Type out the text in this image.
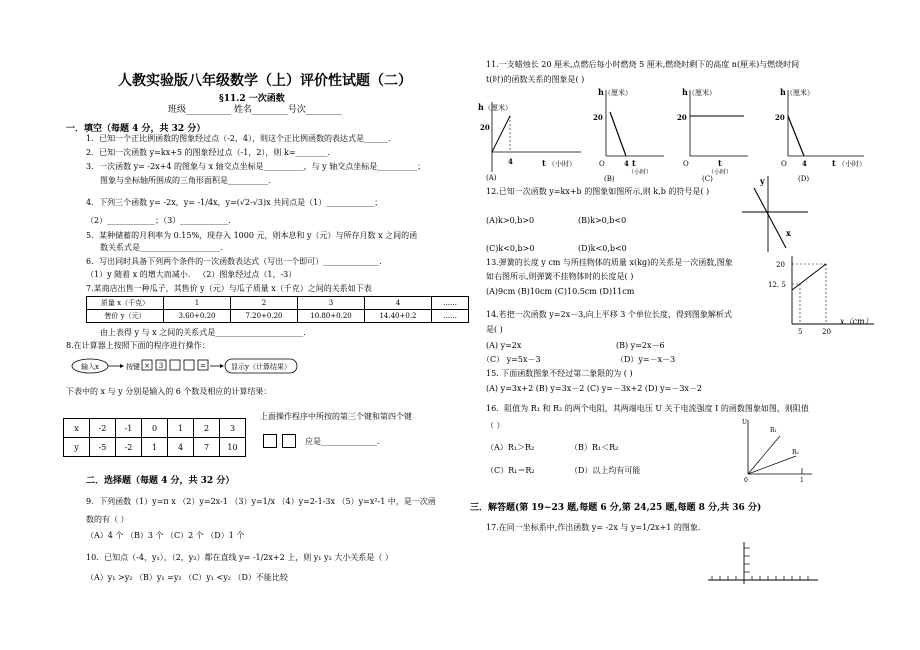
人教实验版八年级数学（上）评价性试题（二）
§11.2 一次函数
班级__________ 姓名________号次________
一．填空（每题 4 分，共 32 分）
1．已知一个正比例函数的图象经过点（-2，4），则这个正比例函数的表达式是______．
2．已知一次函数 y=kx+5 的图象经过点（-1，2），则 k=________．
3．一次函数 y= -2x+4 的图象与 x 轴交点坐标是__________，与 y 轴交点坐标是__________；
图象与坐标轴所围成的三角形面积是__________．
4．下列三个函数 y= -2x，y= -1/4x，y=(√2-√3)x 共同点是（1）____________；
（2）____________；（3）____________．
5．某种储蓄的月利率为 0.15%，现存入 1000 元，则本息和 y（元）与所存月数 x 之间的函
数关系式是____________________．
6．写出同时具备下列两个条件的一次函数表达式（写出一个即可）______________．
（1）y 随着 x 的增大而减小． （2）图象经过点（1，-3）
7.某商店出售一种瓜子，其售价 y（元）与瓜子质量 x（千克）之间的关系如下表
质量 x（千克）	1	2	3	4	……
售价 y（元）	3.60+0.20	7.20+0.20	10.80+0.20	14.40+0.2	……
由上表得 y 与 x 之间的关系式是______________________．
8.在计算器上按照下面的程序进行操作：
输入x	按键 × 3	=	显示y（计算结果）
下表中的 x 与 y 分别是输入的 6 个数及相应的计算结果：
x	-2	-1	0	1	2	3
y	-5	-2	1	4	7	10
上面操作程序中所按的第三个键和第四个键
应是______________.
二．选择题（每题 4 分，共 32 分）
9．下列函数（1）y=π x （2）y=2x-1 （3）y=1/x （4）y=2-1-3x （5）y=x²-1 中，是一次函
数的有（ ）
（A）4 个 （B）3 个 （C）2 个 （D）1 个
10．已知点（-4，y₁），（2，y₂）都在直线 y= -1/2x+2 上，则 y₁ y₂ 大小关系是（ ）
（A）y₁ >y₂ （B）y₁ =y₂ （C）y₁ <y₂ （D）不能比较
11.一支蜡烛长 20 厘米,点燃后每小时燃烧 5 厘米,燃烧时剩下的高度 n(厘米)与燃烧时间
t(时)的函数关系的图象是( )
h （厘米）
20
4	t （小时）
(A)
h （厘米）
20
O	4 t
（小时）
(B)
h （厘米）
20
O	t
（小时）
(C)
h （厘米）
20
O 4	t （小时）
(D)
12.已知一次函数 y=kx+b 的图象如图所示,则 k,b 的符号是( )
(A)k>0,b>0	(B)k>0,b<0
(C)k<0,b>0	(D)k<0,b<0
y
x
13.弹簧的长度 y cm 与所挂物体的质量 x(kg)的关系是一次函数,图象
如右图所示,则弹簧不挂物体时的长度是( )
(A)9cm (B)10cm (C)10.5cm (D)11cm
20
12. 5
5	20
x（cm）
14.若把一次函数 y=2x－3,向上平移 3 个单位长度，得到图象解析式
是( )
(A) y=2x	(B) y=2x－6
（C） y=5x－3	（D）y=－x－3
15. 下面函数图象不经过第二象限的为 ( )
(A) y=3x+2 (B) y=3x－2 (C) y=－3x+2 (D) y=－3x－2
16．阻值为 R₁ 和 R₂ 的两个电阻，其两端电压 U 关于电流强度 I 的函数图象如图，则阻值
（ ）
（A）R₁＞R₂	（B）R₁＜R₂
（C）R₁＝R₂	（D）以上均有可能
U
R₁
R₂
0	1
三．解答题(第 19~23 题,每题 6 分,第 24,25 题,每题 8 分,共 36 分)
17.在同一坐标系中,作出函数 y= -2x 与 y=1/2x+1 的图象.
